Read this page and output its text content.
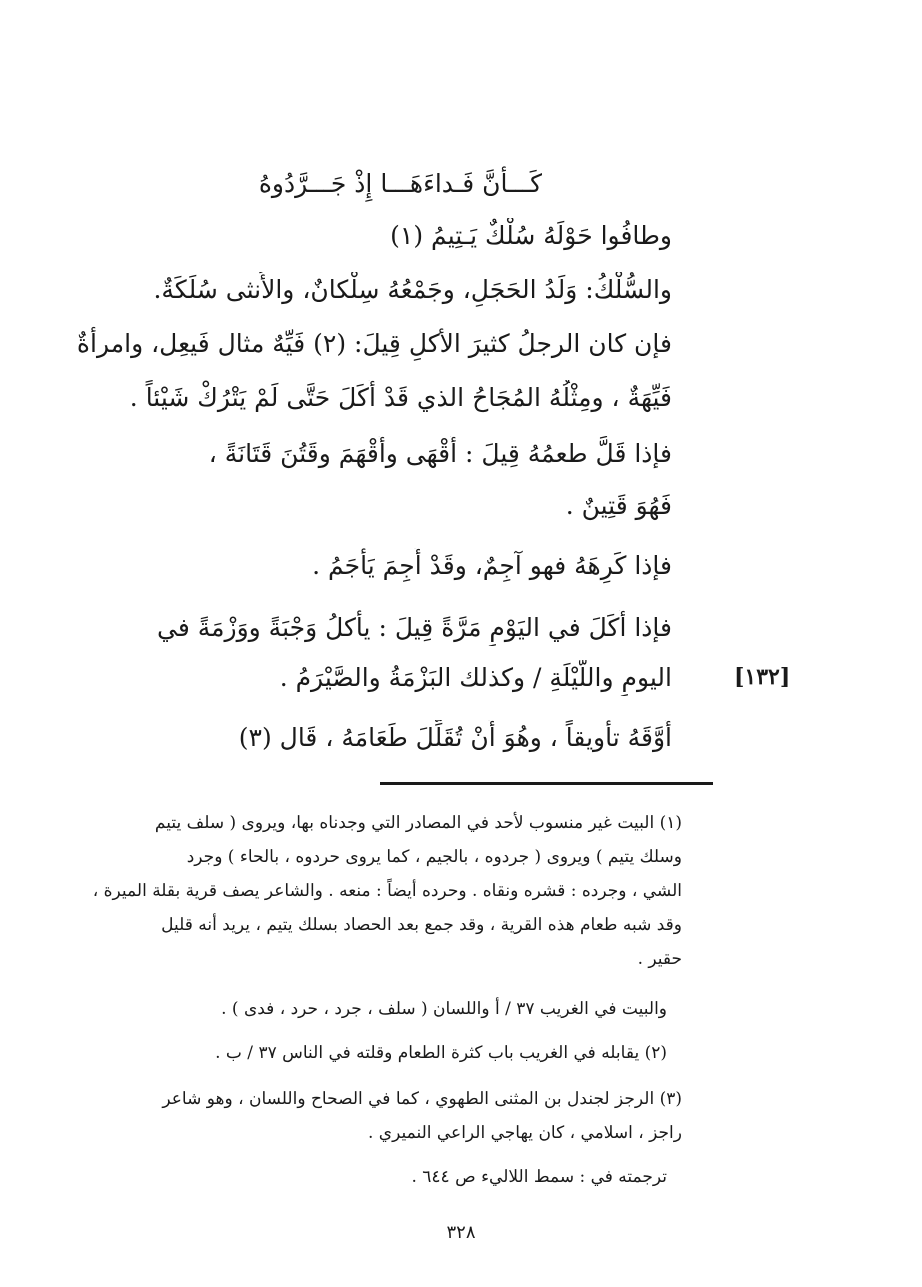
كَـــأَنَّ فَـداءَهَـــا إِذْ جَـــرَّدُوهُ
وطافُوا حَوْلَهُ سُلْكٌ يَـتِيمُ (١)
والسُّلْكُ: وَلَدُ الحَجَلِ، وجَمْعُهُ سِلْكانٌ، والأُنثى سُلَكَةٌ.
فإن كان الرجلُ كثيرَ الأكلِ قِيلَ: (٢) فَيِّهٌ مثال فَيعِل، وامرأةٌ
فَيِّهَةٌ ، ومِثْلُهُ المُجَاحُ الذي قَدْ أَكَلَ حَتَّى لَمْ يَتْرُكْ شَيْئاً .
فإذا قَلَّ طعمُهُ قِيلَ : أَقْهَى وأَقْهَمَ وقَتُنَ قَتَانَةً ،
فَهُوَ قَتِينٌ .
فإذا كَرِهَهُ فهو آجِمٌ، وقَدْ أَجِمَ يَأْجَمُ .
فإذا أَكَلَ في اليَوْمِ مَرَّةً قِيلَ : يأكلُ وَجْبَةً ووَزْمَةً في
اليومِ واللَّيْلَةِ / وكذلك البَزْمَةُ والصَّيْرَمُ .	[١٣٢]
أَوَّقَهُ تأويقاً ، وهُوَ أَنْ تُقَلِّلَ طَعَامَهُ ، قَال (٣)
(١) البيت غير منسوب لأحد في المصادر التي وجدناه بها، ويروى ( سلف يتيم
وسلك يتيم ) ويروى ( جردوه ، بالجيم ، كما يروى حردوه ، بالحاء ) وجرد
الشي ، وجرده : قشره ونقاه . وحرده أيضاً : منعه . والشاعر يصف قرية بقلة الميرة ،
وقد شبه طعام هذه القرية ، وقد جمع بعد الحصاد بسلك يتيم ، يريد أنه قليل
حقير .
والبيت في الغريب ٣٧ / أ واللسان ( سلف ، جرد ، حرد ، فدى ) .
(٢) يقابله في الغريب باب كثرة الطعام وقلته في الناس ٣٧ / ب .
(٣) الرجز لجندل بن المثنى الطهوي ، كما في الصحاح واللسان ، وهو شاعر
راجز ، اسلامي ، كان يهاجي الراعي النميري .
ترجمته في : سمط اللاليء ص ٦٤٤ .
٣٢٨
